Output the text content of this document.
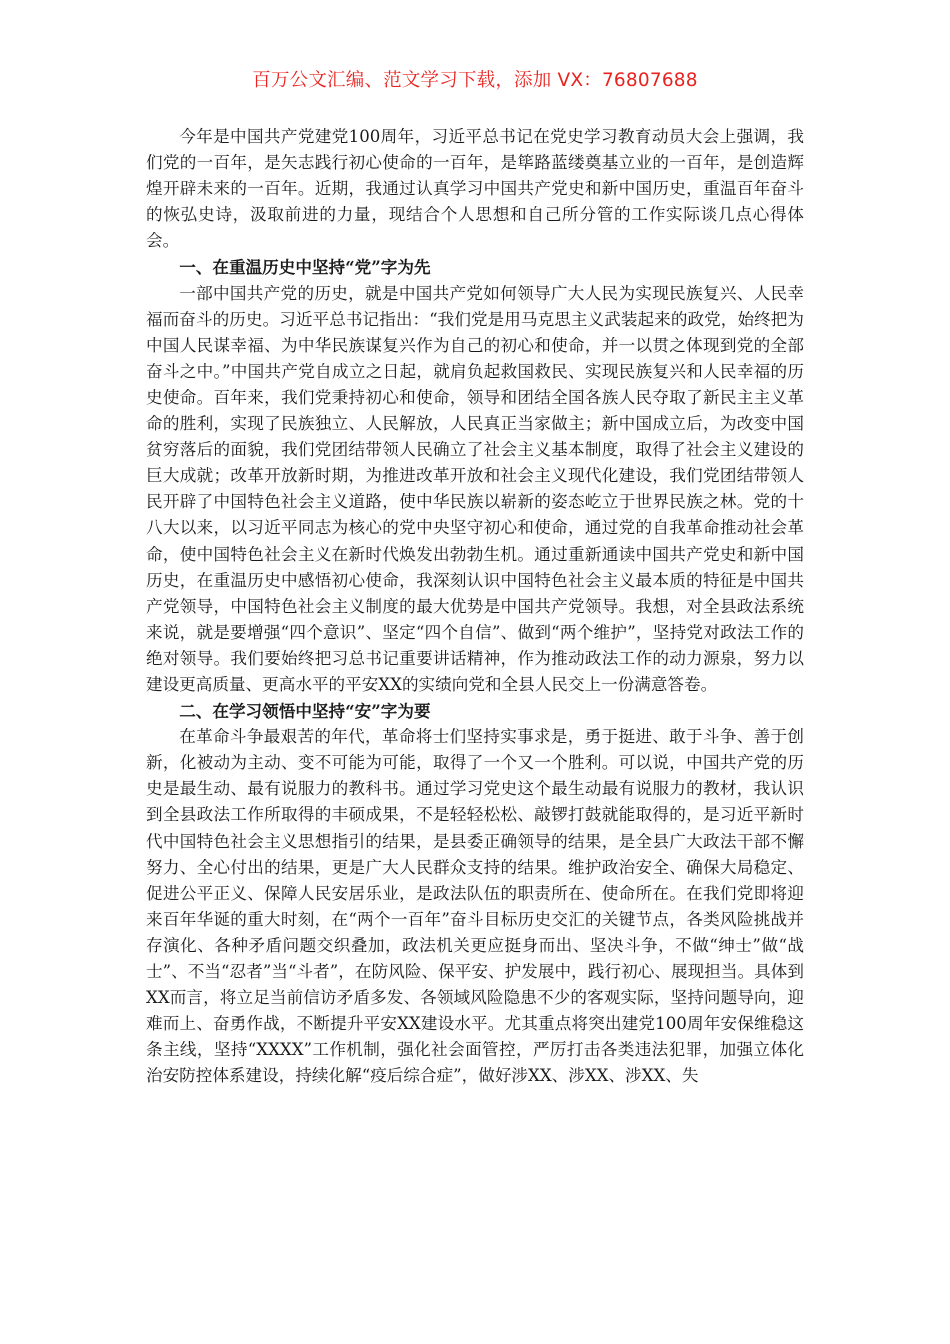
百万公文汇编、范文学习下载，添加 VX：76807688

今年是中国共产党建党100周年，习近平总书记在党史学习教育动员大会上强调，我们党的一百年，是矢志践行初心使命的一百年，是筚路蓝缕奠基立业的一百年，是创造辉煌开辟未来的一百年。近期，我通过认真学习中国共产党史和新中国历史，重温百年奋斗的恢弘史诗，汲取前进的力量，现结合个人思想和自己所分管的工作实际谈几点心得体会。

一、在重温历史中坚持“党”字为先

一部中国共产党的历史，就是中国共产党如何领导广大人民为实现民族复兴、人民幸福而奋斗的历史。习近平总书记指出：“我们党是用马克思主义武装起来的政党，始终把为中国人民谋幸福、为中华民族谋复兴作为自己的初心和使命，并一以贯之体现到党的全部奋斗之中。”中国共产党自成立之日起，就肩负起救国救民、实现民族复兴和人民幸福的历史使命。百年来，我们党秉持初心和使命，领导和团结全国各族人民夺取了新民主主义革命的胜利，实现了民族独立、人民解放，人民真正当家做主；新中国成立后，为改变中国贫穷落后的面貌，我们党团结带领人民确立了社会主义基本制度，取得了社会主义建设的巨大成就；改革开放新时期，为推进改革开放和社会主义现代化建设，我们党团结带领人民开辟了中国特色社会主义道路，使中华民族以崭新的姿态屹立于世界民族之林。党的十八大以来，以习近平同志为核心的党中央坚守初心和使命，通过党的自我革命推动社会革命，使中国特色社会主义在新时代焕发出勃勃生机。通过重新通读中国共产党史和新中国历史，在重温历史中感悟初心使命，我深刻认识中国特色社会主义最本质的特征是中国共产党领导，中国特色社会主义制度的最大优势是中国共产党领导。我想，对全县政法系统来说，就是要增强“四个意识”、坚定“四个自信”、做到“两个维护”，坚持党对政法工作的绝对领导。我们要始终把习总书记重要讲话精神，作为推动政法工作的动力源泉，努力以建设更高质量、更高水平的平安XX的实绩向党和全县人民交上一份满意答卷。

二、在学习领悟中坚持“安”字为要

在革命斗争最艰苦的年代，革命将士们坚持实事求是，勇于挺进、敢于斗争、善于创新，化被动为主动、变不可能为可能，取得了一个又一个胜利。可以说，中国共产党的历史是最生动、最有说服力的教科书。通过学习党史这个最生动最有说服力的教材，我认识到全县政法工作所取得的丰硕成果，不是轻轻松松、敲锣打鼓就能取得的，是习近平新时代中国特色社会主义思想指引的结果，是县委正确领导的结果，是全县广大政法干部不懈努力、全心付出的结果，更是广大人民群众支持的结果。维护政治安全、确保大局稳定、促进公平正义、保障人民安居乐业，是政法队伍的职责所在、使命所在。在我们党即将迎来百年华诞的重大时刻，在“两个一百年”奋斗目标历史交汇的关键节点，各类风险挑战并存演化、各种矛盾问题交织叠加，政法机关更应挺身而出、坚决斗争，不做“绅士”做“战士”、不当“忍者”当“斗者”，在防风险、保平安、护发展中，践行初心、展现担当。具体到XX而言，将立足当前信访矛盾多发、各领域风险隐患不少的客观实际，坚持问题导向，迎难而上、奋勇作战，不断提升平安XX建设水平。尤其重点将突出建党100周年安保维稳这条主线，坚持“XXXX”工作机制，强化社会面管控，严厉打击各类违法犯罪，加强立体化治安防控体系建设，持续化解“疫后综合症”，做好涉XX、涉XX、涉XX、失
